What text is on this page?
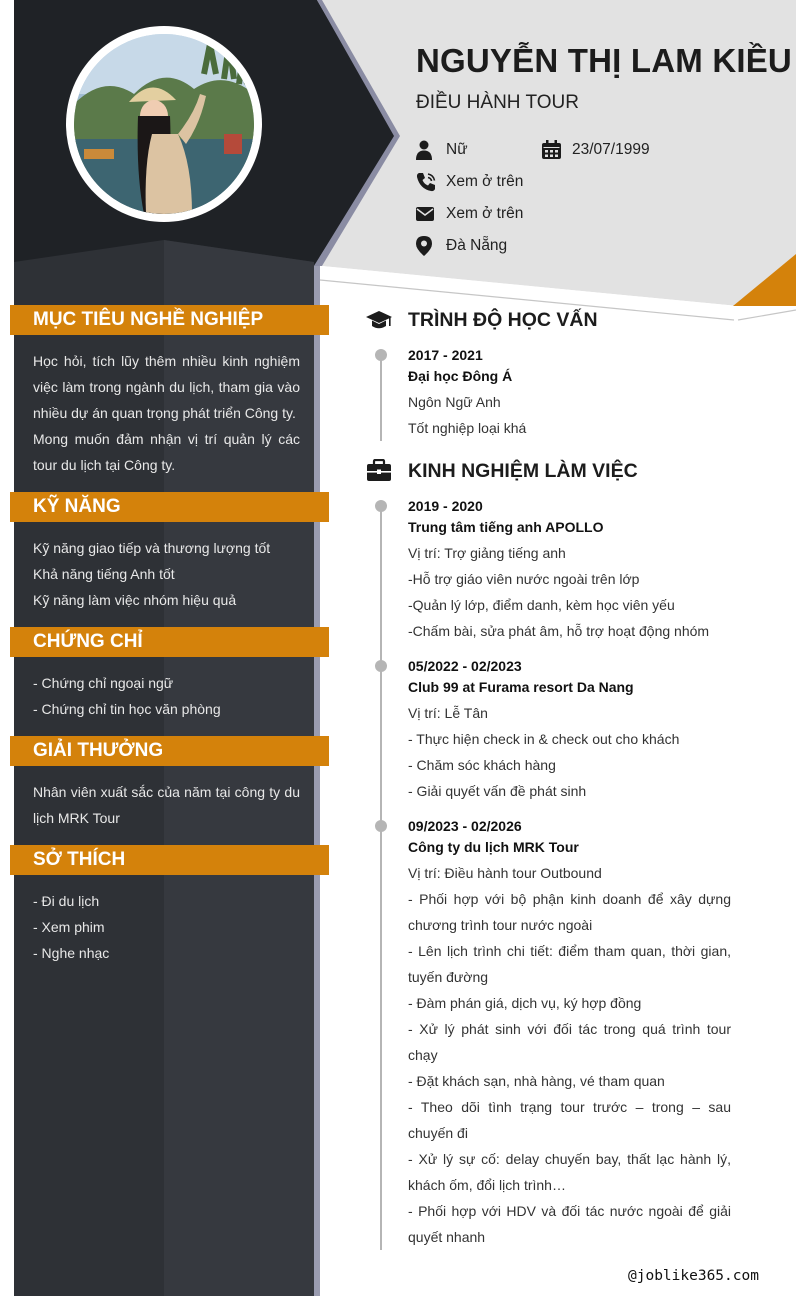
NGUYỄN THỊ LAM KIỀU
ĐIỀU HÀNH TOUR
Nữ	23/07/1999
Xem ở trên
Xem ở trên
Đà Nẵng
MỤC TIÊU NGHỀ NGHIỆP
Học hỏi, tích lũy thêm nhiều kinh nghiệm
việc làm trong ngành du lịch, tham gia vào
nhiều dự án quan trọng phát triển Công ty.
Mong muốn đảm nhận vị trí quản lý các
tour du lịch tại Công ty.
KỸ NĂNG
Kỹ năng giao tiếp và thương lượng tốt
Khả năng tiếng Anh tốt
Kỹ năng làm việc nhóm hiệu quả
CHỨNG CHỈ
- Chứng chỉ ngoại ngữ
- Chứng chỉ tin học văn phòng
GIẢI THƯỞNG
Nhân viên xuất sắc của năm tại công ty du
lịch MRK Tour
SỞ THÍCH
- Đi du lịch
- Xem phim
- Nghe nhạc
TRÌNH ĐỘ HỌC VẤN
2017 - 2021
Đại học Đông Á
Ngôn Ngữ Anh
Tốt nghiệp loại khá
KINH NGHIỆM LÀM VIỆC
2019 - 2020
Trung tâm tiếng anh APOLLO
Vị trí: Trợ giảng tiếng anh
-Hỗ trợ giáo viên nước ngoài trên lớp
-Quản lý lớp, điểm danh, kèm học viên yếu
-Chấm bài, sửa phát âm, hỗ trợ hoạt động nhóm
05/2022 - 02/2023
Club 99 at Furama resort Da Nang
Vị trí: Lễ Tân
- Thực hiện check in & check out cho khách
- Chăm sóc khách hàng
- Giải quyết vấn đề phát sinh
09/2023 - 02/2026
Công ty du lịch MRK Tour
Vị trí: Điều hành tour Outbound
- Phối hợp với bộ phận kinh doanh để xây dựng chương trình tour nước ngoài
- Lên lịch trình chi tiết: điểm tham quan, thời gian, tuyến đường
- Đàm phán giá, dịch vụ, ký hợp đồng
- Xử lý phát sinh với đối tác trong quá trình tour chạy
- Đặt khách sạn, nhà hàng, vé tham quan
- Theo dõi tình trạng tour trước – trong – sau chuyến đi
- Xử lý sự cố: delay chuyến bay, thất lạc hành lý, khách ốm, đổi lịch trình…
- Phối hợp với HDV và đối tác nước ngoài để giải quyết nhanh
@joblike365.com
